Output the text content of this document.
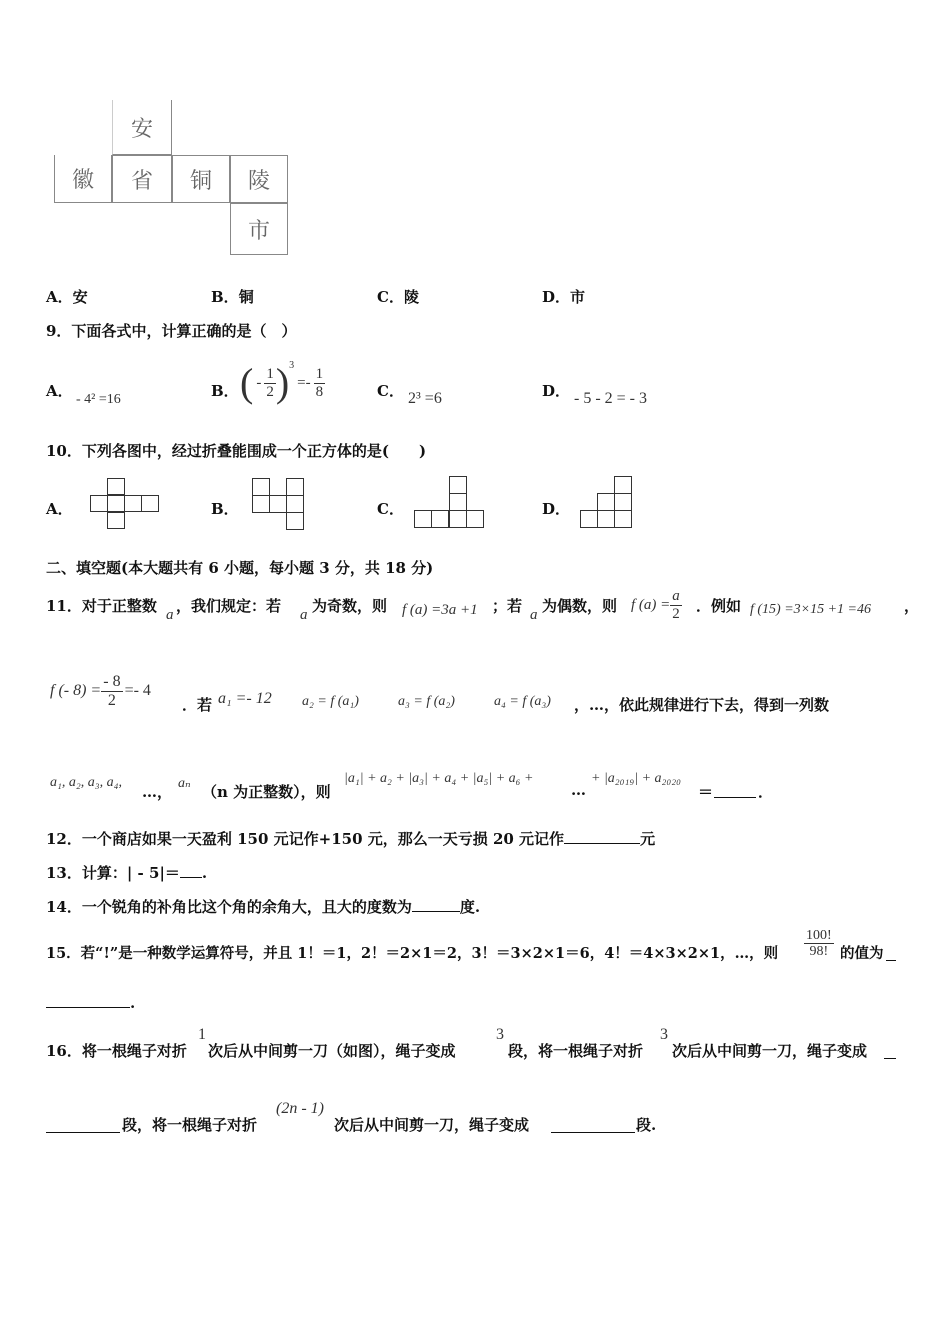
安
徽	省	铜	陵
市
A．安	B．铜	C．陵	D．市
9．下面各式中，计算正确的是（　）
A． - 4² =16	B． ( - $\frac{1}{2}$ ) 3
=- $\frac{1}{8}$	C． 2³ =6	D． - 5 - 2 = - 3
10．下列各图中，经过折叠能围成一个正方体的是(　　)
A．	B．	C．	D．
二、填空题(本大题共有 6 小题，每小题 3 分，共 18 分)
11．对于正整数 a ，我们规定：若 a 为奇数，则 f (a) =3a +1 ；若 a 为偶数，则 f $(a) = \frac{a}{2}$ ．例如 f (15) =3×15 +1 =46 ，
f (- $8) = \frac{- 8}{2} =- 4$
．若 a₁ =- 12 a₂ = f (a₁)	a₃ = f (a₂)	a₄ = f (a₃) ，…，依此规律进行下去，得到一列数
a₁, a₂, a₃, a₄,
…， aₙ （n 为正整数），则
|a₁| + a₂ + |a₃| + a₄ + |a₅| + a₆ +
…
+ |a₂₀₁₉| + a₂₀₂₀
＝	．
12．一个商店如果一天盈利 150 元记作+150 元，那么一天亏损 20 元记作	元
13．计算：| - 5|＝ .
14．一个锐角的补角比这个角的余角大，且大的度数为	度.
15．若“!”是一种数学运算符号，并且 1！＝1，2！＝2×1＝2，3！＝3×2×1＝6，4！＝4×3×2×1，…，则 $\frac{100!}{98!}$ 的值为
.
16．将一根绳子对折
1
次后从中间剪一刀（如图），绳子变成
3
段，将一根绳子对折
3
次后从中间剪一刀，绳子变成
段，将一根绳子对折
(2n - 1)
次后从中间剪一刀，绳子变成	段.
